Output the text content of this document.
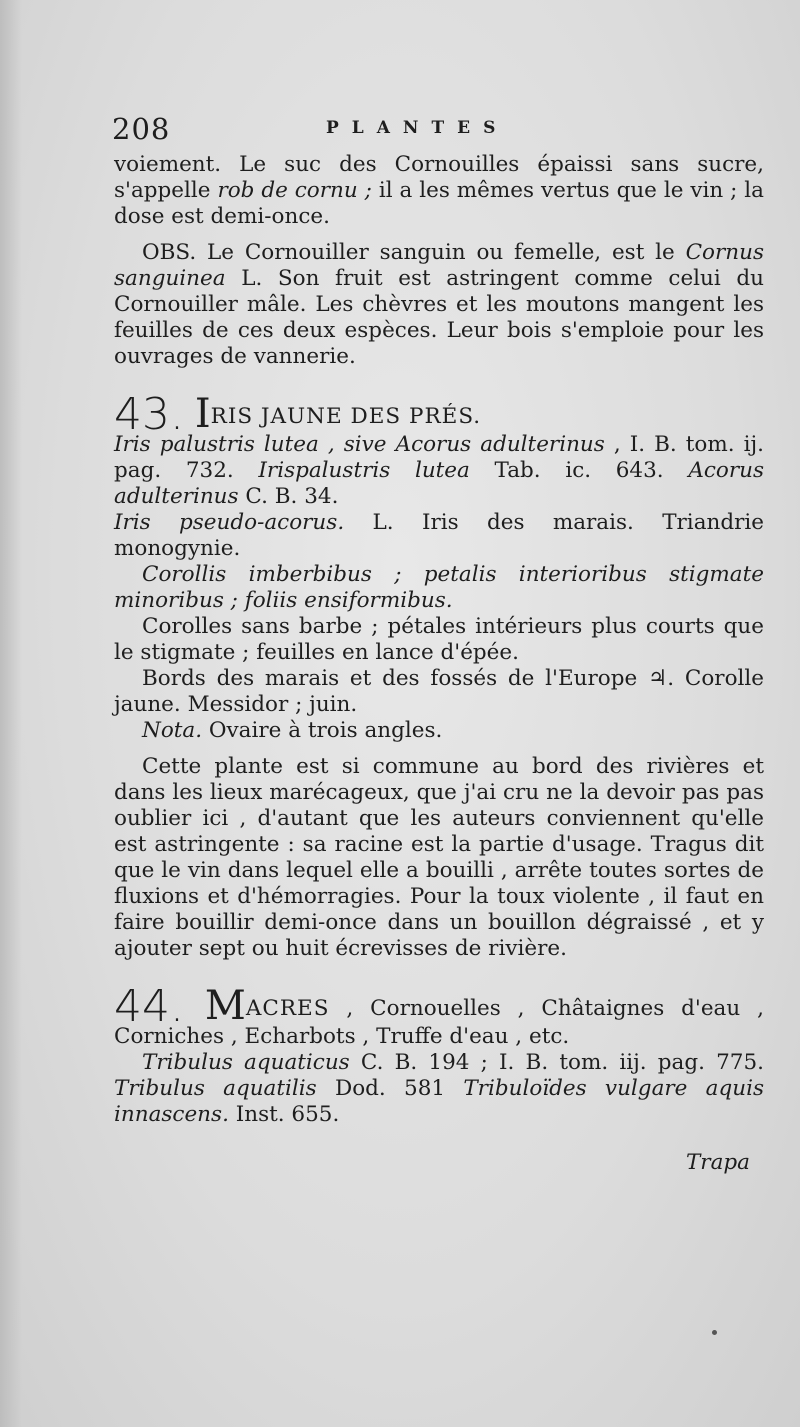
208	PLANTES

voiement. Le suc des Cornouilles épaissi sans sucre, s'appelle rob de cornu ; il a les mêmes vertus que le vin ; la dose est demi-once.

OBS. Le Cornouiller sanguin ou femelle, est le Cornus sanguinea L. Son fruit est astringent comme celui du Cornouiller mâle. Les chèvres et les moutons mangent les feuilles de ces deux espèces. Leur bois s'emploie pour les ouvrages de vannerie.

43. IRIS JAUNE DES PRÉS.

Iris palustris lutea , sive Acorus adulterinus , I. B. tom. ij. pag. 732. Irispalustris lutea Tab. ic. 643. Acorus adulterinus C. B. 34.

Iris pseudo-acorus. L. Iris des marais. Triandrie monogynie.

Corollis imberbibus ; petalis interioribus stigmate minoribus ; foliis ensiformibus.

Corolles sans barbe ; pétales intérieurs plus courts que le stigmate ; feuilles en lance d'épée.

Bords des marais et des fossés de l'Europe ♃. Corolle jaune. Messidor ; juin.

Nota. Ovaire à trois angles.

Cette plante est si commune au bord des rivières et dans les lieux marécageux, que j'ai cru ne la devoir pas pas oublier ici , d'autant que les auteurs conviennent qu'elle est astringente : sa racine est la partie d'usage. Tragus dit que le vin dans lequel elle a bouilli , arrête toutes sortes de fluxions et d'hémorragies. Pour la toux violente , il faut en faire bouillir demi-once dans un bouillon dégraissé , et y ajouter sept ou huit écrevisses de rivière.

44. MACRES , Cornouelles , Châtaignes d'eau , Corniches , Echarbots , Truffe d'eau , etc.

Tribulus aquaticus C. B. 194 ; I. B. tom. iij. pag. 775. Tribulus aquatilis Dod. 581 Tribuloïdes vulgare aquis innascens. Inst. 655.

Trapa
